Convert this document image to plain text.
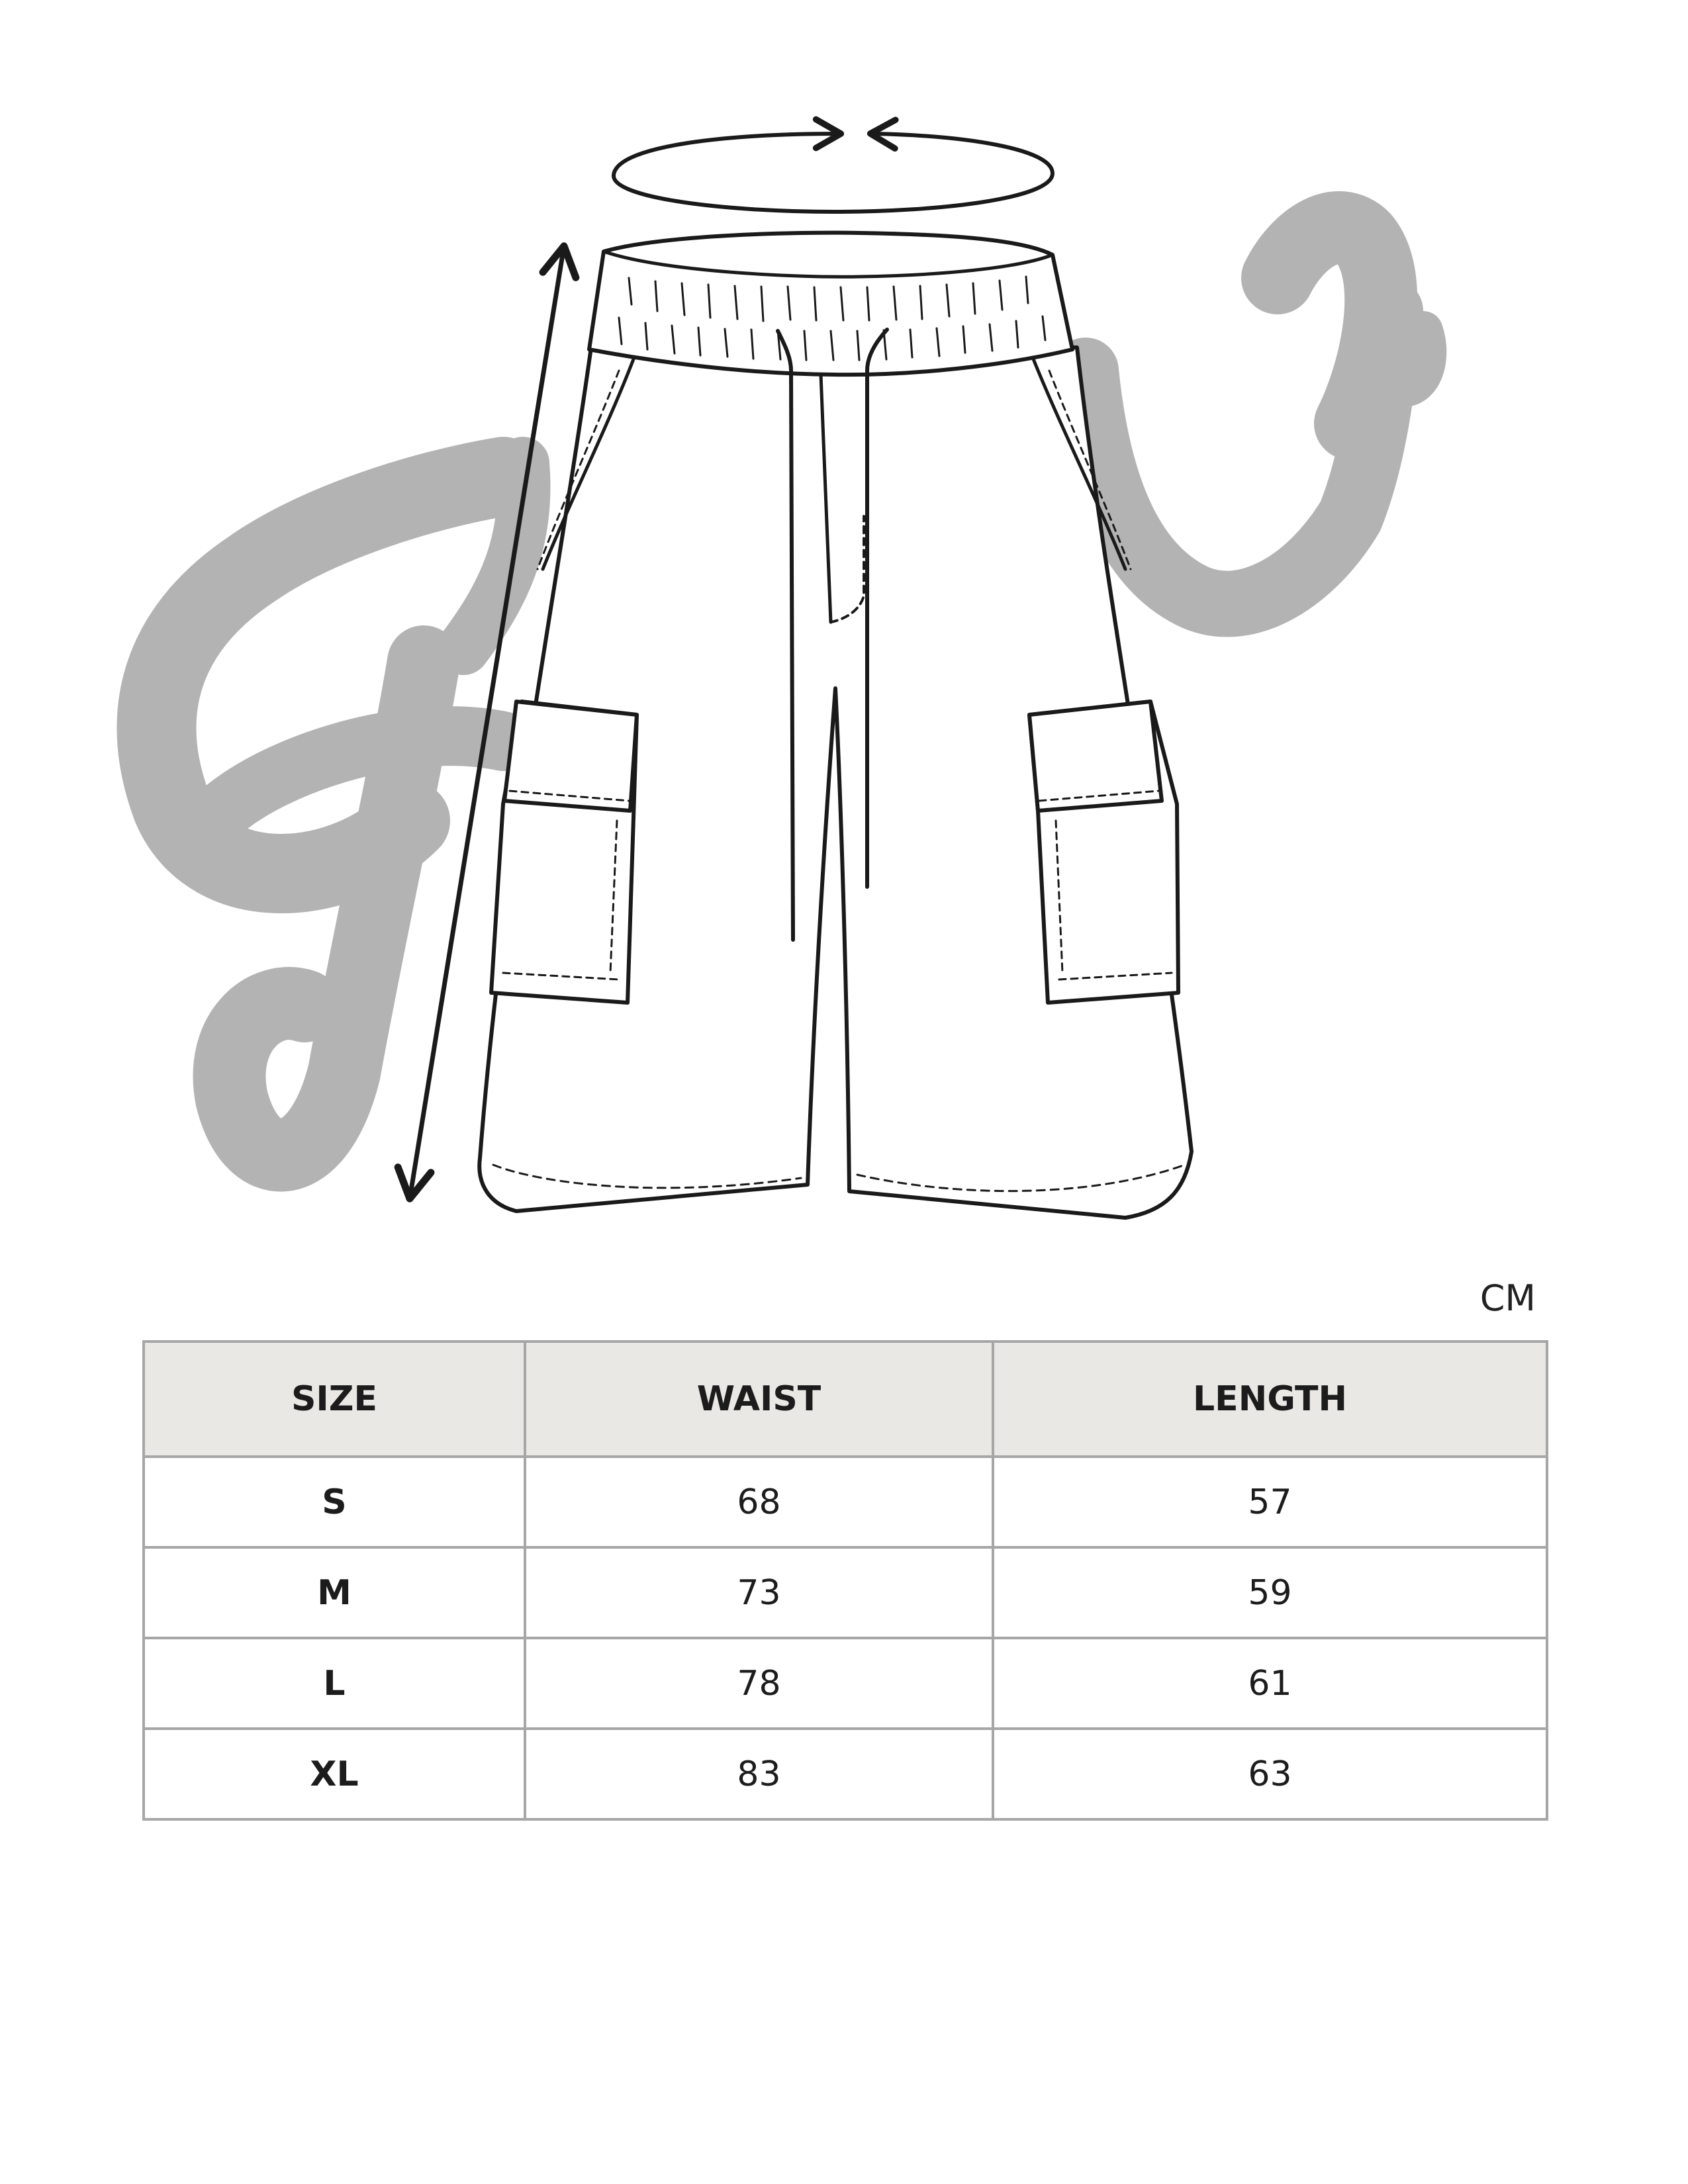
CM
SIZE	WAIST	LENGTH
S	68	57
M	73	59
L	78	61
XL	83	63
